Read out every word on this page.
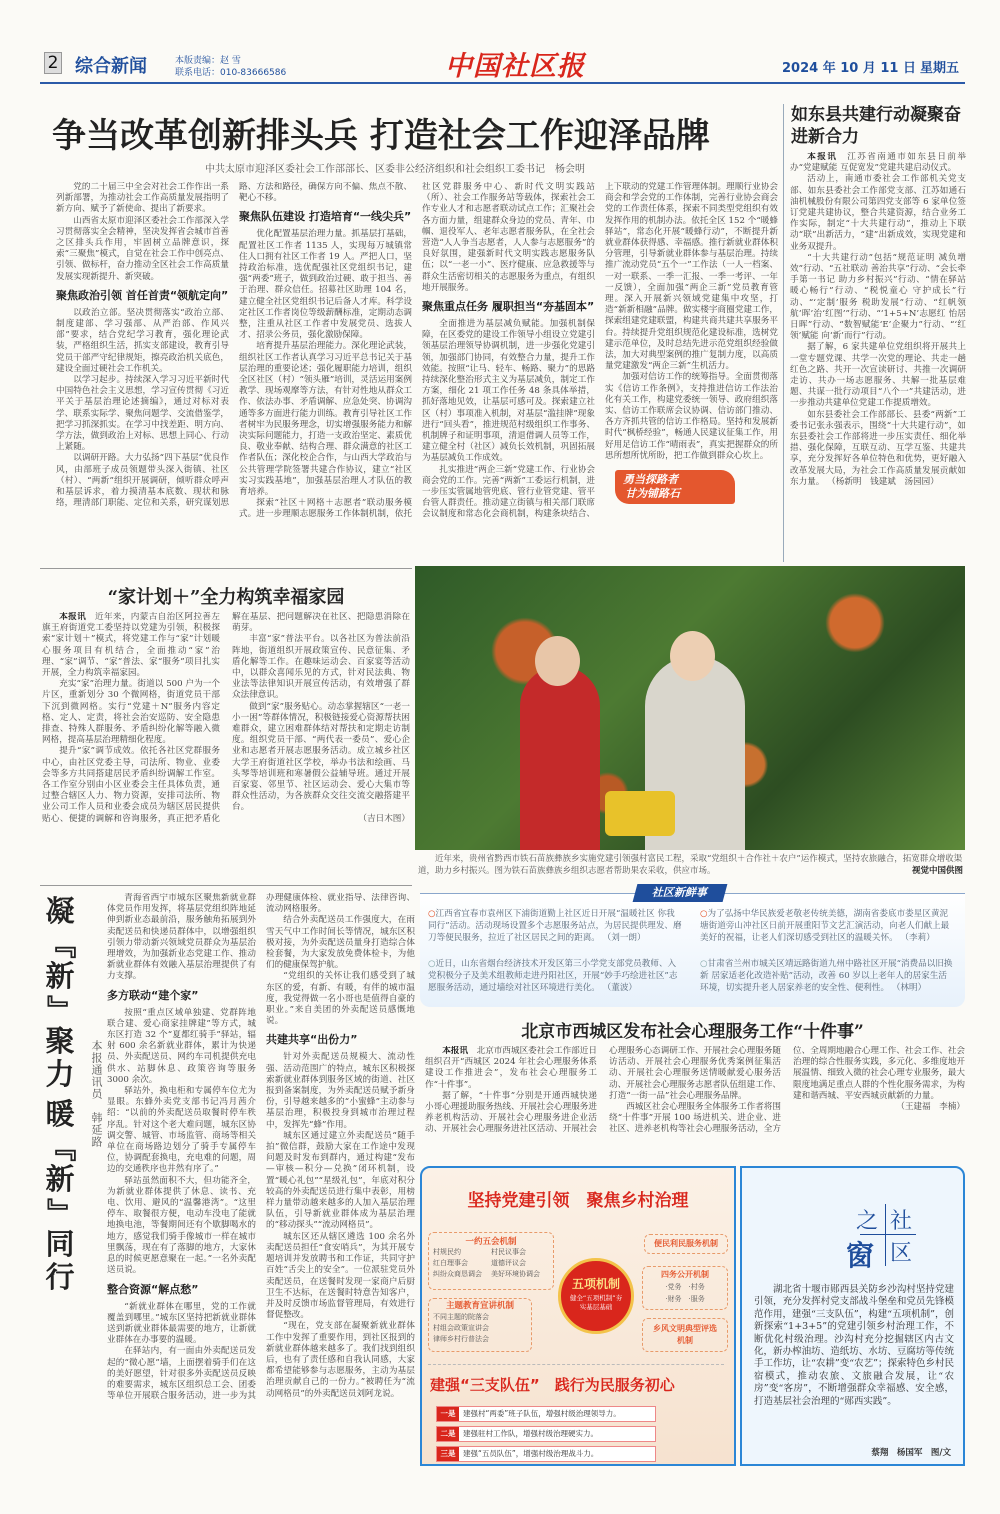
2 综合新闻	本版责编：赵 雪
联系电话：010-83666586	中国社区报	2024 年 10 月 11 日 星期五
争当改革创新排头兵 打造社会工作迎泽品牌
中共太原市迎泽区委社会工作部部长、区委非公经济组织和社会组织工委书记　杨会明

党的二十届三中全会对社会工作作出一系列新部署，为推动社会工作高质量发展指明了新方向、赋予了新使命、提出了新要求。

山西省太原市迎泽区委社会工作部深入学习贯彻落实全会精神，坚决发挥省会城市首善之区排头兵作用，牢固树立品牌意识，探索“三聚焦”模式，自觉在社会工作中创亮点、引领、做标杆，奋力推动全区社会工作高质量发展实现新提升、新突破。

聚焦政治引领 首任首责“领航定向”

以政治立部。坚决贯彻落实“政治立部、制度建部、学习强部、从严治部、作风兴部”要求，结合党纪学习教育，强化理论武装，严格组织生活，抓实支部建设，教育引导党员干部严守纪律规矩，擦亮政治机关底色，建设全面过硬社会工作机关。

以学习起步。持续深入学习习近平新时代中国特色社会主义思想，学习宣传贯彻《习近平关于基层治理论述摘编》，通过对标对表学、联系实际学、聚焦问题学、交流借鉴学，把学习抓深抓实。在学习中找差距、明方向、学方法，做到政治上对标、思想上同心、行动上紧随。

以调研开路。大力弘扬“四下基层”优良作风，由部班子成员领题带头深入街镇、社区（村）、“两新”组织开展调研，倾听群众呼声和基层诉求，着力摸清基本底数、现状和脉络，理清部门职能、定位和关系，研究谋划思路、方法和路径，确保方向不偏、焦点不散、靶心不移。

聚焦队伍建设 打造培育“一线尖兵”

优化配置基层治理力量。抓基层打基础，配置社区工作者 1135 人，实现每万城镇常住人口拥有社区工作者 19 人。严把人口，坚持政治标准，选优配强社区党组织书记，建强“两委”班子，做到政治过硬、敢于担当、善于治理、群众信任。招募社区助理 104 名，建立健全社区党组织书记后备人才库。科学设定社区工作者岗位等级薪酬标准，定期动态调整，注重从社区工作者中发展党员、选拔人才、招录公务员，强化激励保障。

培育提升基层治理能力。深化理论武装，组织社区工作者认真学习习近平总书记关于基层治理的重要论述；强化履职能力培训，组织全区社区（村）“领头雁”培训，灵活运用案例教学、现场观摩等方法，有针对性地从群众工作、依法办事、矛盾调解、应急处突、协调沟通等多方面进行能力训练。教育引导社区工作者树牢为民服务理念，切实增强服务能力和解决实际问题能力，打造一支政治坚定、素质优良、敬业奉献、结构合理、群众满意的社区工作者队伍；深化校企合作，与山西大学政治与公共管理学院签署共建合作协议，建立“社区实习实践基地”，加强基层治理人才队伍的教育培养。

探索“社区＋网格＋志愿者”联动服务模式。进一步理顺志愿服务工作体制机制，依托社区党群服务中心、新时代文明实践站（所）、社会工作服务站等载体，探索社会工作专业人才和志愿者联动试点工作；汇聚社会各方面力量，组建群众身边的党员、青年、巾帼、退役军人、老年志愿者服务队，在全社会营造“人人争当志愿者，人人参与志愿服务”的良好氛围，建强新时代文明实践志愿服务队伍；以“一老一小”、医疗健康、应急救援等与群众生活密切相关的志愿服务为重点，有组织地开展服务。

聚焦重点任务 履职担当“夯基固本”

全面推进为基层减负赋能。加强机制保障，在区委党的建设工作领导小组设立党建引领基层治理领导协调机制，进一步强化党建引领，加强部门协同，有效整合力量，提升工作效能。按照“让马、轻车、畅路、聚力”的思路持续深化整治形式主义为基层减负，制定工作方案，细化 21 项工作任务 48 条具体举措，抓好落地见效，让基层可感可及。探索建立社区（村）事项准入机制，对基层“滥挂牌”现象进行“回头看”，推进规范村级组织工作事务、机制牌子和证明事项，清退借调人员等工作，建立健全村（社区）减负长效机制，巩固拓展为基层减负工作成效。

扎实推进“两企三新”党建工作、行业协会商会党的工作。完善“两新”工委运行机制，进一步压实管属地管兜底、管行业管党建、管平台管人群责任。推动建立街镇与相关部门联席会议制度和常态化会商机制，构建条块结合、上下联动的党建工作管理体制。理顺行业协会商会和学会党的工作体制，完善行业协会商会党的工作责任体系，探索不同类型党组织有效发挥作用的机制办法。依托全区 152 个“暖蜂驿站”，常态化开展“暖蜂行动”，不断提升新就业群体获得感、幸福感。推行新就业群体积分管理，引导新就业群体参与基层治理。持续推广流动党员“五个一”工作法（一人一档案、一对一联系、一季一汇报、一季一考评、一年一反馈），全面加强“两企三新”党员教育管理。深入开展新兴领域党建集中攻坚，打造“新新相融”品牌。做实楼宇商圈党建工作，探索组建党建联盟，构建共商共建共享服务平台。持续提升党组织规范化建设标准，选树党建示范单位，及时总结先进示范党组织经验做法，加大对典型案例的推广复制力度，以高质量党建激发“两企三新”生机活力。

加强对信访工作的统筹指导。全面贯彻落实《信访工作条例》，支持推进信访工作法治化有关工作，构建党委统一领导、政府组织落实、信访工作联席会议协调、信访部门推动、各方齐抓共管的信访工作格局。坚持和发展新时代“枫桥经验”，畅通人民建议征集工作，用好用足信访工作“晴雨表”，真实把握群众的所思所想所忧所盼，把工作做到群众心坎上。

勇当探路者
甘为铺路石
如东县共建行动凝聚奋进新合力

本报讯　 江苏省南通市如东县日前举办“党建赋能 互促宽发”党建共建启动仪式。

活动上，南通市委社会工作部机关党支部、如东县委社会工作部党支部、江苏如通石油机械股份有限公司第四党支部等 6 家单位签订党建共建协议，整合共建资源，结合业务工作实际，制定“十大共建行动”，推动上下联动“联”出新活力，“建”出新成效，实现党建和业务双提升。

“十大共建行动”包括“规范证明 减负增效”行动、“五社联动 善治共享”行动、“会长牵手第一书记 助力乡村振兴”行动、“情在驿站 暖心畅行”行动、“税悦童心 守护成长”行动、“‘定制’服务 税助发展”行动、“红帆领航‘晖’治‘红图’”行动、“‘1+5+N’志愿红 怡居日晖”行动、“数智赋能‘E’企聚力”行动、“‘红领’赋能 向‘新’而行”行动。

据了解，6 家共建单位党组织将开展共上一堂专题党课、共学一次党的理论、共走一趟红色之路、共开一次宣读研讨、共推一次调研走访、共办一场志愿服务、共解一批基层难题、共谋一批行动项目“八个一”共建活动，进一步推动共建单位党建工作提质增效。

如东县委社会工作部部长、县委“两新”工委书记张永强表示，围绕“十大共建行动”，如东县委社会工作部将进一步压实责任、细化举措、强化保障，互联互动、互学互鉴、共建共享，充分发挥好各单位特色和优势，更好融入改革发展大局，为社会工作高质量发展贡献如东力量。 （杨新明　钱建斌　汤园园）

“家计划＋”全力构筑幸福家园

本报讯　 近年来，内蒙古自治区阿拉善左旗王府街道党工委坚持以党建为引领，积极探索“家计划＋”模式，将党建工作与“家”计划暖心服务项目有机结合，全面推动“家”治理、“家”调节、“家”普法、家“服务”项目扎实开展，全力构筑幸福家园。

充实“家”治理力量。街道以 500 户为一个片区，重新划分 30 个微网格，街道党员干部下沉到微网格。实行“党建＋N”服务内容定格、定人、定责，将社会治安巡防、安全隐患排查、特殊人群服务、矛盾纠纷化解等融入微网格，提高基层治理精细化程度。

提升“家”调节成效。依托各社区党群服务中心，由社区党委主导，司法所、物业、业委会等多方共同搭建居民矛盾纠纷调解工作室。各工作室分别由小区业委会主任具体负责，通过整合辖区人力、物力资源，安排司法所、物业公司工作人员和业委会成员为辖区居民提供贴心、便捷的调解和咨询服务，真正把矛盾化解在基层、把问题解决在社区、把隐患消除在萌芽。

丰富“家”普法平台。以各社区为普法前沿阵地，街道组织开展政策宣传、民意征集、矛盾化解等工作。在趣味运动会、百家宴等活动中，以群众喜闻乐见的方式，针对民法典、物业法等法律知识开展宣传活动，有效增强了群众法律意识。

做到“家”服务贴心。动态掌握辖区“一老一小一困”等群体情况，积极链接爱心资源帮扶困难群众，建立困难群体结对帮扶和定期走访制度。组织党员干部、“两代表一委员”、爱心企业和志愿者开展志愿服务活动。成立城乡社区大学王府街道社区学校，举办书法和绘画、马头琴等培训班和寒暑假公益辅导班。通过开展百家宴、邻里节、社区运动会、爱心大集市等群众性活动，为各族群众交往交流交融搭建平台。

（吉日木图）

近年来，贵州省黔西市铁石苗族彝族乡实施党建引领强村富民工程，采取“党组织＋合作社＋农户”运作模式，坚持农旅融合，拓宽群众增收渠道，助力乡村振兴。图为铁石苗族彝族乡组织志愿者帮助果农采收，供应市场。	视觉中国供图
社区新鲜事
○江西省宜春市袁州区下浦街道勤上社区近日开展“温暖社区 你我同行”活动。活动现场设置多个志愿服务站点，为居民提供理发、磨刀等便民服务，拉近了社区居民之间的距离。 （刘一朗）
○为了弘扬中华民族爱老敬老传统美德，湖南省娄底市娄星区黄泥塘街道旁山冲社区日前开展重阳节文艺汇演活动，向老人们献上最美好的祝福，让老人们深切感受到社区的温暖关怀。 （李莉）
○近日，山东省烟台经济技术开发区第三小学党支部党员教师、入党积极分子及美术组教师走进丹阳社区，开展“妙手巧绘进社区”志愿服务活动，通过墙绘对社区环境进行美化。 （董波）
○甘肃省兰州市城关区靖远路街道九州中路社区开展“消费品以旧换新 居家适老化改造补贴”活动，改善 60 岁以上老年人的居家生活环境，切实提升老人居家养老的安全性、便利性。 （林明）
北京市西城区发布社会心理服务工作“十件事”

本报讯　 北京市西城区委社会工作部近日组织召开“西城区 2024 年社会心理服务体系建设工作推进会”，发布社会心理服务工作“十件事”。

据了解，“十件事”分别是开通西城快递小哥心理援助服务热线、开展社会心理服务进养老机构活动、开展社会心理服务进企业活动、开展社会心理服务进社区活动、开展社会心理服务心态调研工作、开展社会心理服务随访活动、开展社会心理服务优秀案例征集活动、开展社会心理服务送情暖献爱心服务活动、开展社会心理服务志愿者队伍组建工作、打造“一街一品”社会心理服务品牌。

西城区社会心理服务全体服务工作者将围绕“十件事”开展 100 场进机关、进企业、进社区、进养老机构等社会心理服务活动，全方位、全周期地融合心理工作、社会工作、社会治理的综合性服务实践，多元化、多维度地开展温情、细致入微的社会心理专业服务，最大限度地满足重点人群的个性化服务需求，为构建和谐西城、平安西城贡献新的力量。

（王建福　李楠）

凝
『
新
』
聚
力
暖
『
新
』
同
行
本报通讯员　韩延路

青海省西宁市城东区聚焦新就业群体党员作用发挥，将基层党组织阵地延伸到新业态最前沿，服务触角拓展到外卖配送员和快递员群体中，以增强组织引领力带动新兴领域党员群众为基层治理增效，为加强新业态党建工作、推动新就业群体有效融入基层治理提供了有力支撑。

多方联动“建个家”

按照“重点区域单独建、党群阵地联合建、爱心商家挂牌建”等方式，城东区打造 32 个“夏都红骑手”驿站，辐射 600 余名新就业群体，累计为快递员、外卖配送员、网约车司机提供充电供水、站脚休息、政策咨询等服务 3000 余次。

驿站外，换电柜和专属停车位尤为显眼。东蜂外卖党支部书记冯月茜介绍：“以前的外卖配送员取餐时停车秩序乱。针对这个老大难问题，城东区协调交警、城管、市场监管、商场等相关单位在商场路边划分了骑手专属停车位，协调配套换电，充电难的问题，周边的交通秩序也井然有序了。”

驿站虽然面积不大，但功能齐全，为新就业群体提供了休息、读书、充电、饮用、避风的“温馨港湾”。“这里停车、取餐很方便，电动车没电了能就地换电池，等餐期间还有个歇脚喝水的地方，感觉我们骑手像城市一样在城市里飘荡，现在有了落脚的地方，大家休息的时候更愿意聚在一起。”一名外卖配送员说。

整合资源“解点愁”

“新就业群体在哪里，党的工作就覆盖到哪里。”城东区坚持把新就业群体送到新就业群体最需要的地方，让新就业群体在办事要的温暖。

在驿站内，有一面由外卖配送员发起的“微心愿”墙，上面摆着骑手们在这的美好愿望，针对很多外卖配送员反映的难要需求，城东区组织总工会、团委等单位开展联合服务活动，进一步为其办理健康体检、就业指导、法律咨询、流动网格服务。

结合外卖配送员工作强度大，在雨雪天气中工作时间长等情况，城东区积极对接，为外卖配送员量身打造综合体检套餐，为大家发放免费体检卡，为他们的健康保驾护航。

“党组织的关怀让我们感受到了城东区的爱，有新、有暖，有伴的城市温度，我觉得做一名小哥也是值得自豪的职业。”来自美团的外卖配送员感慨地说。

共建共享“出份力”

针对外卖配送员规模大、流动性强、活动范围广的特点，城东区积极探索新就业群体到服务区域的街道、社区报到备案制度，为外卖配送员赋予新身份，引导越来越多的“小蜜蜂”主动参与基层治理，积极投身到城市治理过程中，发挥先“蜂”作用。

城东区通过建立外卖配送员“随手拍”微信群，鼓励大家在工作途中发现问题及时发布到群内，通过构建“发布—审核—积分—兑换”闭环机制，设置“暖心礼包”“星级礼包”，年底对积分较高的外卖配送员进行集中表彰，用榜样力量带动越来越多的人加入基层治理队伍，引导新就业群体成为基层治理的“移动探头”“流动网格员”。

城东区还从辖区遴选 100 余名外卖配送员担任“食安哨兵”，为其开展专题培训并发放聘书和工作证，共同守护百姓“舌尖上的安全”。一位派驻党员外卖配送员，在送餐时发现一家商户后厨卫生不达标，在送餐时特意告知客户，并及时反馈市场监督管理局，有效进行督促整改。

“现在，党支部在凝聚新就业群体工作中发挥了重要作用，到社区报到的新就业群体越来越多了。我们找到组织后，也有了责任感和自我认同感，大家都希望能够参与志愿服务，主动为基层治理贡献自己的一份力。”被聘任为“流动网格员”的外卖配送员刘阿龙说。

坚持党建引领　聚焦乡村治理
一约五会机制
村规民约	村民议事会
红白理事会	道德评议会
纠纷众商恳调会	美好环境协调会
主题教育宣讲机制
不同主题的院落会
村组会政策宣讲会
律师乡村行普法会
五项机制
健全“五项机制”夯实基层基础
便民利民服务机制
四务公开机制
·党务　·村务
·财务　·服务
乡风文明典型评选机制
建强“三支队伍”　践行为民服务初心
一是 建强村“两委”班子队伍，增强村级治理领导力。
二是 建强驻村工作队，增强村级治理硬实力。
三是 建强“五员队伍”，增强村级治理战斗力。
之 社
窗 区
湖北省十堰市郧西县关防乡沙沟村坚持党建引领，充分发挥村党支部战斗堡垒和党员先锋模范作用，建强“三支队伍”，构建“五项机制”，创新探索“1+3+5”的党建引领乡村治理工作，不断优化村级治理。沙沟村充分挖掘辖区内古文化，新办榨油坊、造纸坊、水坊、豆腐坊等传统手工作坊，让“农耕”变“农艺”；探索特色乡村民宿模式，推动农旅、文旅融合发展，让“农房”变“客房”，不断增强群众幸福感、安全感，打造基层社会治理的“郧西实践”。
蔡翔　杨国军　图/文
